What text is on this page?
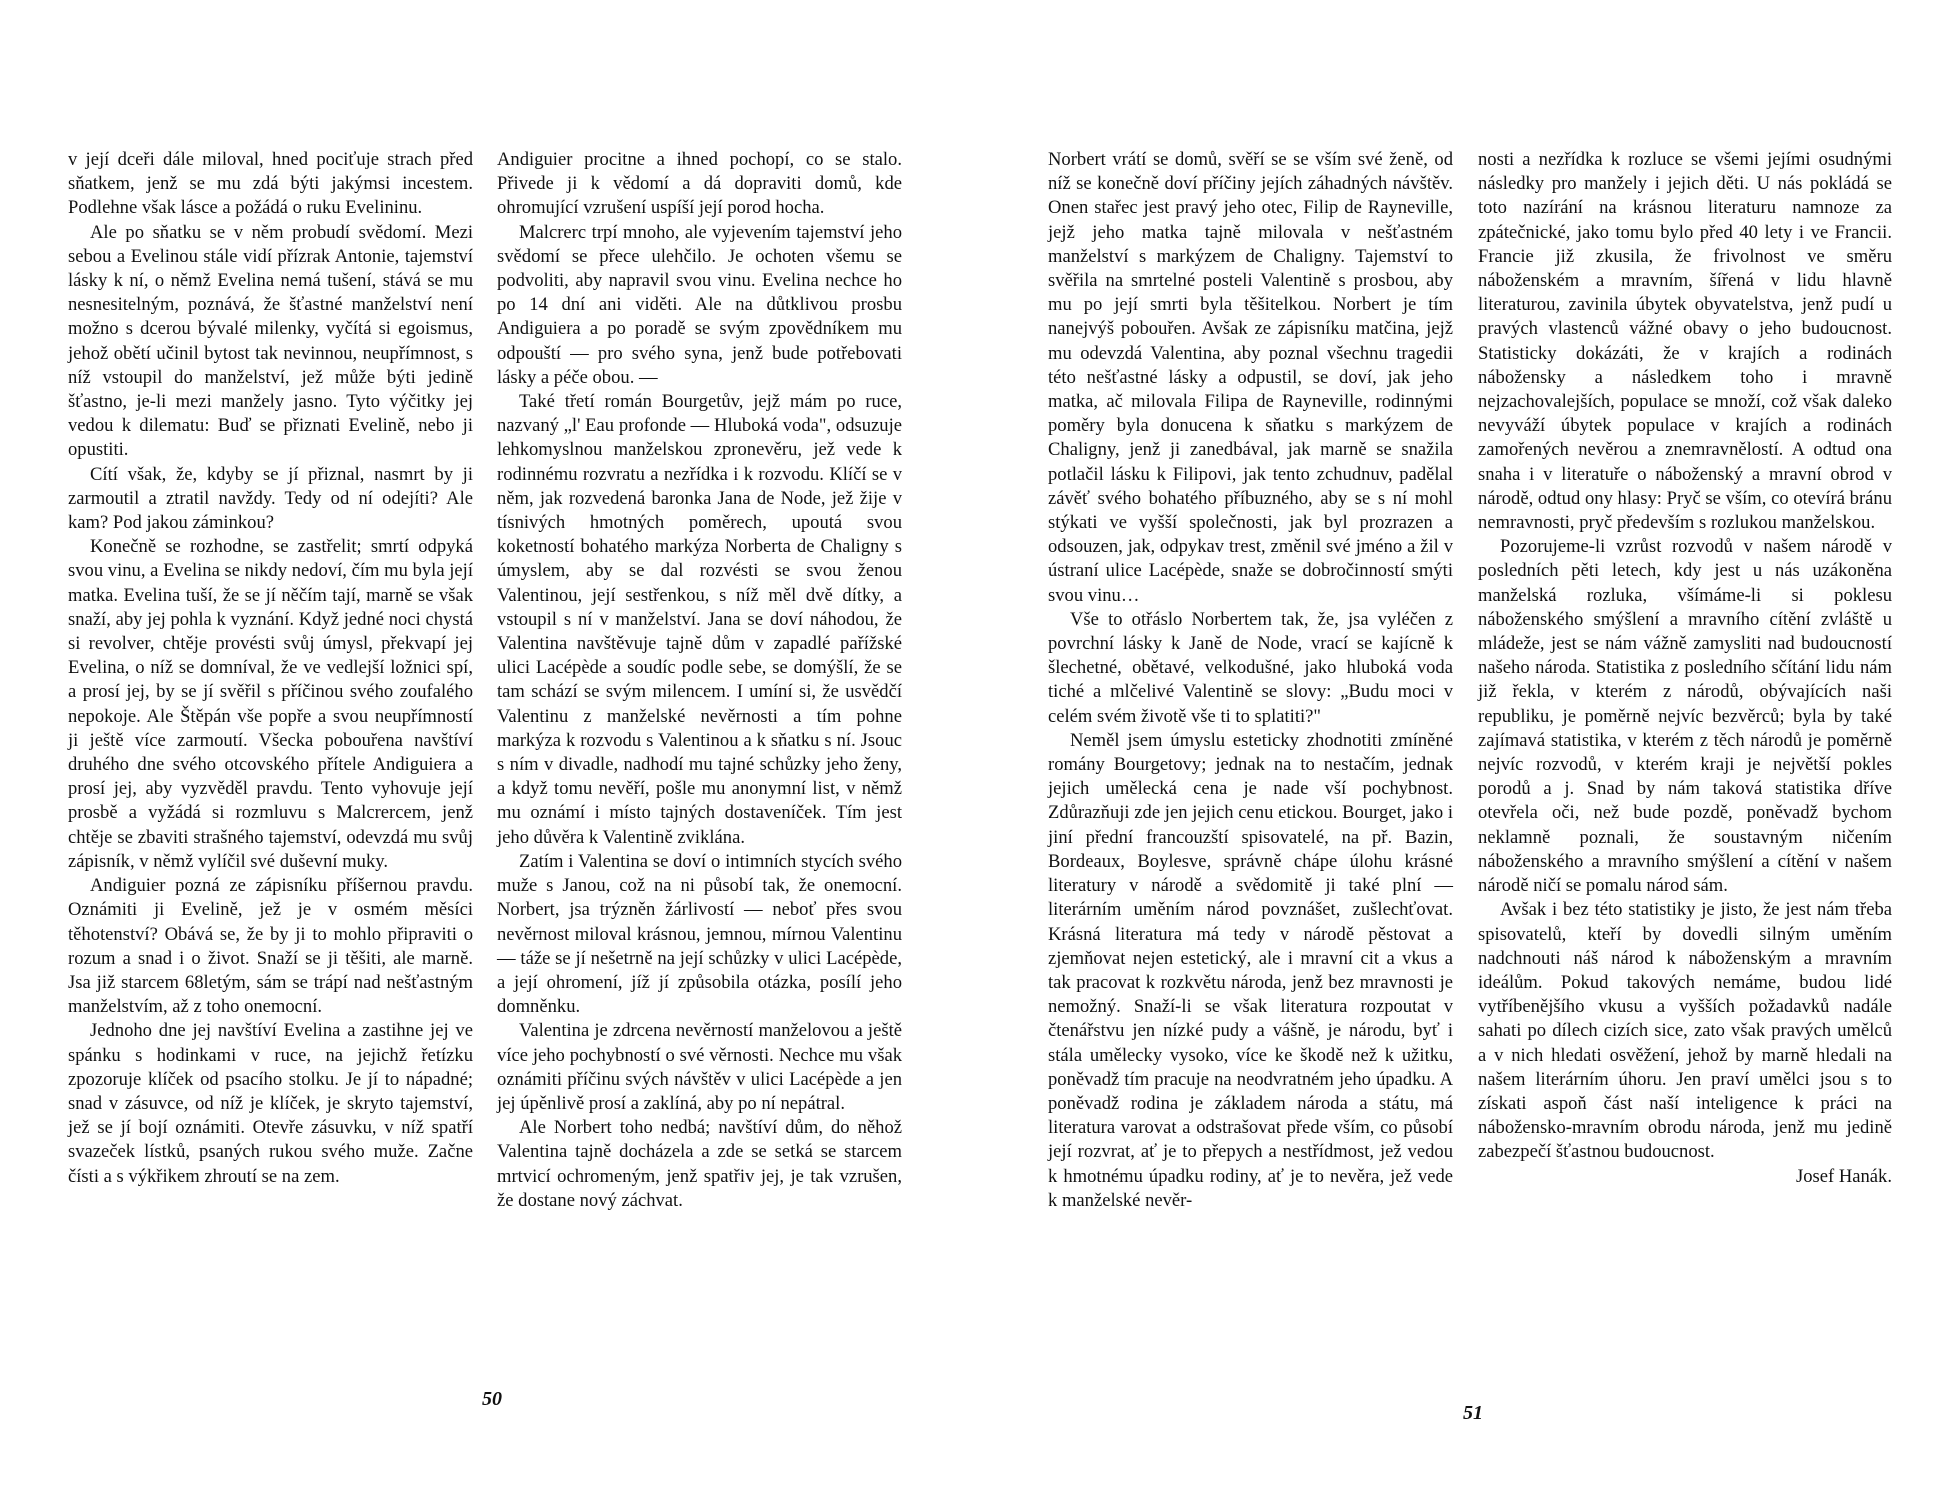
v její dceři dále miloval, hned pociťuje strach před sňatkem, jenž se mu zdá býti jakýmsi incestem. Podlehne však lásce a požádá o ruku Evelininu.

Ale po sňatku se v něm probudí svědomí. Mezi sebou a Evelinou stále vidí přízrak Antonie, tajemství lásky k ní, o němž Evelina nemá tušení, stává se mu nesnesitelným, poznává, že šťastné manželství není možno s dcerou bývalé milenky, vyčítá si egoismus, jehož obětí učinil bytost tak nevinnou, neupřímnost, s níž vstoupil do manželství, jež může býti jedině šťastno, je-li mezi manžely jasno. Tyto výčitky jej vedou k dilematu: Buď se přiznati Evelině, nebo ji opustiti.

Cítí však, že, kdyby se jí přiznal, nasmrt by ji zarmoutil a ztratil navždy. Tedy od ní odejíti? Ale kam? Pod jakou záminkou?

Konečně se rozhodne, se zastřelit; smrtí odpyká svou vinu, a Evelina se nikdy nedoví, čím mu byla její matka. Evelina tuší, že se jí něčím tají, marně se však snaží, aby jej pohla k vyznání. Když jedné noci chystá si revolver, chtěje provésti svůj úmysl, překvapí jej Evelina, o níž se domníval, že ve vedlejší ložnici spí, a prosí jej, by se jí svěřil s příčinou svého zoufalého nepokoje. Ale Štěpán vše popře a svou neupřímností ji ještě více zarmoutí. Všecka pobouřena navštíví druhého dne svého otcovského přítele Andiguiera a prosí jej, aby vyzvěděl pravdu. Tento vyhovuje její prosbě a vyžádá si rozmluvu s Malcrercem, jenž chtěje se zbaviti strašného tajemství, odevzdá mu svůj zápisník, v němž vylíčil své duševní muky.

Andiguier pozná ze zápisníku příšernou pravdu. Oznámiti ji Evelině, jež je v osmém měsíci těhotenství? Obává se, že by ji to mohlo připraviti o rozum a snad i o život. Snaží se ji těšiti, ale marně. Jsa již starcem 68letým, sám se trápí nad nešťastným manželstvím, až z toho onemocní.

Jednoho dne jej navštíví Evelina a zastihne jej ve spánku s hodinkami v ruce, na jejichž řetízku zpozoruje klíček od psacího stolku. Je jí to nápadné; snad v zásuvce, od níž je klíček, je skryto tajemství, jež se jí bojí oznámiti. Otevře zásuvku, v níž spatří svazeček lístků, psaných rukou svého muže. Začne čísti a s výkřikem zhroutí se na zem.

Andiguier procitne a ihned pochopí, co se stalo. Přivede ji k vědomí a dá dopraviti domů, kde ohromující vzrušení uspíší její porod hocha.

Malcrerc trpí mnoho, ale vyjevením tajemství jeho svědomí se přece ulehčilo. Je ochoten všemu se podvoliti, aby napravil svou vinu. Evelina nechce ho po 14 dní ani viděti. Ale na důtklivou prosbu Andiguiera a po poradě se svým zpovědníkem mu odpouští — pro svého syna, jenž bude potřebovati lásky a péče obou. —

Také třetí román Bourgetův, jejž mám po ruce, nazvaný „l' Eau profonde — Hluboká voda", odsuzuje lehkomyslnou manželskou zpronevěru, jež vede k rodinnému rozvratu a nezřídka i k rozvodu. Klíčí se v něm, jak rozvedená baronka Jana de Node, jež žije v tísnivých hmotných poměrech, upoutá svou koketností bohatého markýza Norberta de Chaligny s úmyslem, aby se dal rozvésti se svou ženou Valentinou, její sestřenkou, s níž měl dvě dítky, a vstoupil s ní v manželství. Jana se doví náhodou, že Valentina navštěvuje tajně dům v zapadlé pařížské ulici Lacépède a soudíc podle sebe, se domýšlí, že se tam schází se svým milencem. I umíní si, že usvědčí Valentinu z manželské nevěrnosti a tím pohne markýza k rozvodu s Valentinou a k sňatku s ní. Jsouc s ním v divadle, nadhodí mu tajné schůzky jeho ženy, a když tomu nevěří, pošle mu anonymní list, v němž mu oznámí i místo tajných dostaveníček. Tím jest jeho důvěra k Valentině zviklána.

Zatím i Valentina se doví o intimních stycích svého muže s Janou, což na ni působí tak, že onemocní. Norbert, jsa trýzněn žárlivostí — neboť přes svou nevěrnost miloval krásnou, jemnou, mírnou Valentinu — táže se jí nešetrně na její schůzky v ulici Lacépède, a její ohromení, jíž jí způsobila otázka, posílí jeho domněnku.

Valentina je zdrcena nevěrností manželovou a ještě více jeho pochybností o své věrnosti. Nechce mu však oznámiti příčinu svých návštěv v ulici Lacépède a jen jej úpěnlivě prosí a zaklíná, aby po ní nepátral.

Ale Norbert toho nedbá; navštíví dům, do něhož Valentina tajně docházela a zde se setká se starcem mrtvicí ochromeným, jenž spatřiv jej, je tak vzrušen, že dostane nový záchvat.

50

Norbert vrátí se domů, svěří se se vším své ženě, od níž se konečně doví příčiny jejích záhadných návštěv. Onen stařec jest pravý jeho otec, Filip de Rayneville, jejž jeho matka tajně milovala v nešťastném manželství s markýzem de Chaligny. Tajemství to svěřila na smrtelné posteli Valentině s prosbou, aby mu po její smrti byla těšitelkou. Norbert je tím nanejvýš pobouřen. Avšak ze zápisníku matčina, jejž mu odevzdá Valentina, aby poznal všechnu tragedii této nešťastné lásky a odpustil, se doví, jak jeho matka, ač milovala Filipa de Rayneville, rodinnými poměry byla donucena k sňatku s markýzem de Chaligny, jenž ji zanedbával, jak marně se snažila potlačil lásku k Filipovi, jak tento zchudnuv, padělal závěť svého bohatého příbuzného, aby se s ní mohl stýkati ve vyšší společnosti, jak byl prozrazen a odsouzen, jak, odpykav trest, změnil své jméno a žil v ústraní ulice Lacépède, snaže se dobročinností smýti svou vinu…

Vše to otřáslo Norbertem tak, že, jsa vyléčen z povrchní lásky k Janě de Node, vrací se kajícně k šlechetné, obětavé, velkodušné, jako hluboká voda tiché a mlčelivé Valentině se slovy: „Budu moci v celém svém životě vše ti to splatiti?"

Neměl jsem úmyslu esteticky zhodnotiti zmíněné romány Bourgetovy; jednak na to nestačím, jednak jejich umělecká cena je nade vší pochybnost. Zdůrazňuji zde jen jejich cenu etickou. Bourget, jako i jiní přední francouzští spisovatelé, na př. Bazin, Bordeaux, Boylesve, správně chápe úlohu krásné literatury v národě a svědomitě ji také plní — literárním uměním národ povznášet, zušlechťovat. Krásná literatura má tedy v národě pěstovat a zjemňovat nejen estetický, ale i mravní cit a vkus a tak pracovat k rozkvětu národa, jenž bez mravnosti je nemožný. Snaží-li se však literatura rozpoutat v čtenářstvu jen nízké pudy a vášně, je národu, byť i stála umělecky vysoko, více ke škodě než k užitku, poněvadž tím pracuje na neodvratném jeho úpadku. A poněvadž rodina je základem národa a státu, má literatura varovat a odstrašovat přede vším, co působí její rozvrat, ať je to přepych a nestřídmost, jež vedou k hmotnému úpadku rodiny, ať je to nevěra, jež vede k manželské nevěr-

nosti a nezřídka k rozluce se všemi jejími osudnými následky pro manžely i jejich děti. U nás pokládá se toto nazírání na krásnou literaturu namnoze za zpátečnické, jako tomu bylo před 40 lety i ve Francii. Francie již zkusila, že frivolnost ve směru náboženském a mravním, šířená v lidu hlavně literaturou, zavinila úbytek obyvatelstva, jenž pudí u pravých vlastenců vážné obavy o jeho budoucnost. Statisticky dokázáti, že v krajích a rodinách nábožensky a následkem toho i mravně nejzachovalejších, populace se množí, což však daleko nevyváží úbytek populace v krajích a rodinách zamořených nevěrou a znemravnělostí. A odtud ona snaha i v literatuře o náboženský a mravní obrod v národě, odtud ony hlasy: Pryč se vším, co otevírá bránu nemravnosti, pryč především s rozlukou manželskou.

Pozorujeme-li vzrůst rozvodů v našem národě v posledních pěti letech, kdy jest u nás uzákoněna manželská rozluka, všímáme-li si poklesu náboženského smýšlení a mravního cítění zvláště u mládeže, jest se nám vážně zamysliti nad budoucností našeho národa. Statistika z posledního sčítání lidu nám již řekla, v kterém z národů, obývajících naši republiku, je poměrně nejvíc bezvěrců; byla by také zajímavá statistika, v kterém z těch národů je poměrně nejvíc rozvodů, v kterém kraji je největší pokles porodů a j. Snad by nám taková statistika dříve otevřela oči, než bude pozdě, poněvadž bychom neklamně poznali, že soustavným ničením náboženského a mravního smýšlení a cítění v našem národě ničí se pomalu národ sám.

Avšak i bez této statistiky je jisto, že jest nám třeba spisovatelů, kteří by dovedli silným uměním nadchnouti náš národ k náboženským a mravním ideálům. Pokud takových nemáme, budou lidé vytříbenějšího vkusu a vyšších požadavků nadále sahati po dílech cizích sice, zato však pravých umělců a v nich hledati osvěžení, jehož by marně hledali na našem literárním úhoru. Jen praví umělci jsou s to získati aspoň část naší inteligence k práci na nábožensko-mravním obrodu národa, jenž mu jedině zabezpečí šťastnou budoucnost.

Josef Hanák.

51
